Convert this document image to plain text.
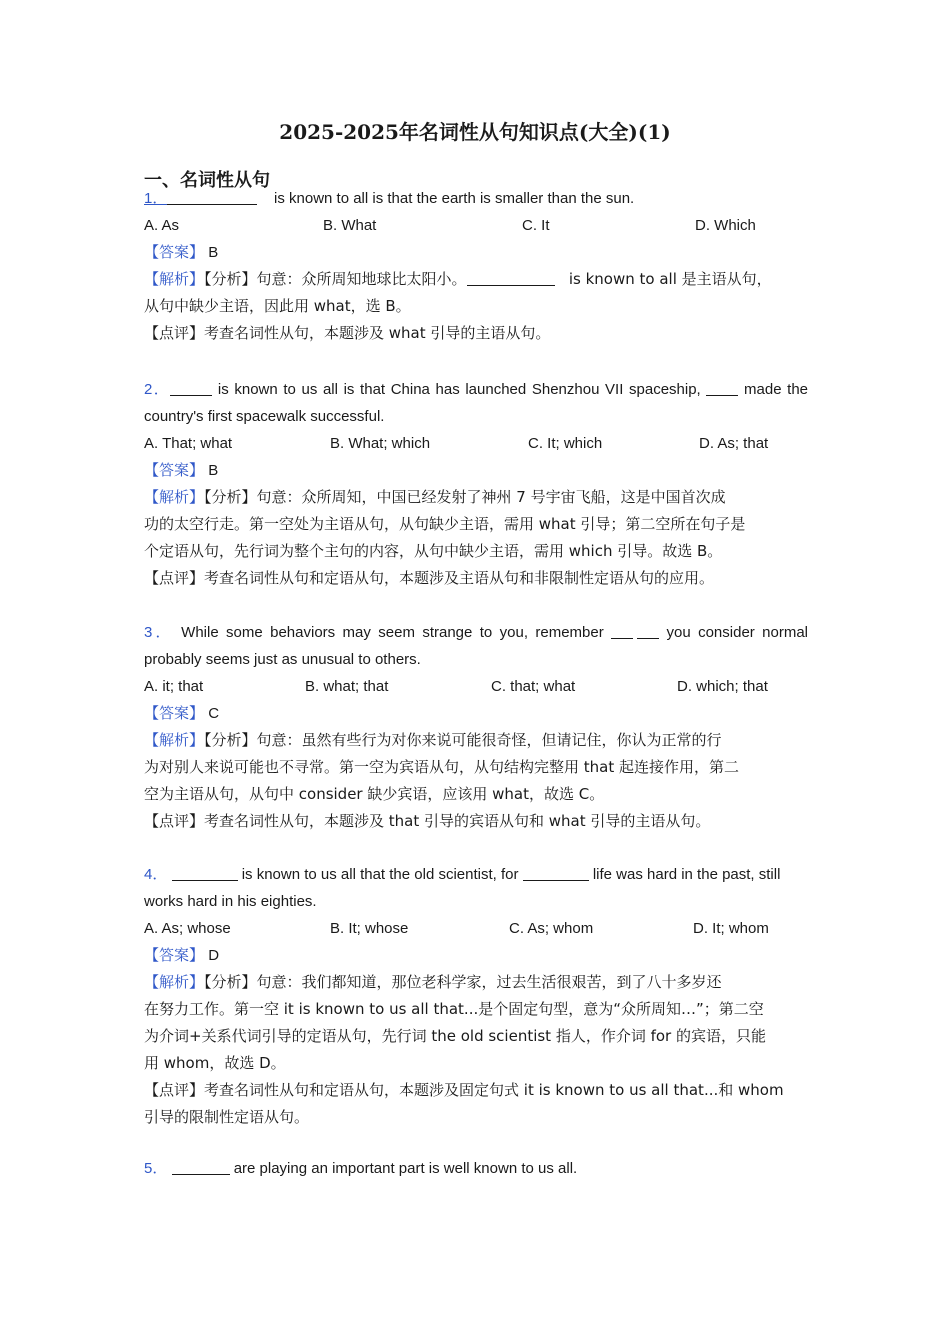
2025-2025年名词性从句知识点(大全)(1)
一、名词性从句
1．	is known to all is that the earth is smaller than the sun.
A. As	B. What	C. It	D. Which
【答案】 B
【解析】【分析】句意：众所周知地球比太阳小。	is known to all 是主语从句，
从句中缺少主语，因此用 what，选 B。
【点评】考查名词性从句，本题涉及 what 引导的主语从句。
2．	is known to us all is that China has launched Shenzhou VII spaceship,	made the
country's first spacewalk successful.
A. That; what	B. What; which	C. It; which	D. As; that
【答案】 B
【解析】【分析】句意：众所周知，中国已经发射了神州 7 号宇宙飞船，这是中国首次成
功的太空行走。第一空处为主语从句，从句缺少主语，需用 what 引导；第二空所在句子是
个定语从句，先行词为整个主句的内容，从句中缺少主语，需用 which 引导。故选 B。
【点评】考查名词性从句和定语从句，本题涉及主语从句和非限制性定语从句的应用。
3． While some behaviors may seem strange to you, remember	you consider normal
probably seems just as unusual to others.
A. it; that	B. what; that	C. that; what	D. which; that
【答案】 C
【解析】【分析】句意：虽然有些行为对你来说可能很奇怪，但请记住，你认为正常的行
为对别人来说可能也不寻常。第一空为宾语从句，从句结构完整用 that 起连接作用，第二
空为主语从句，从句中 consider 缺少宾语，应该用 what，故选 C。
【点评】考查名词性从句，本题涉及 that 引导的宾语从句和 what 引导的主语从句。
4．	is known to us all that the old scientist, for	life was hard in the past, still
works hard in his eighties.
A. As; whose	B. It; whose	C. As; whom	D. It; whom
【答案】 D
【解析】【分析】句意：我们都知道，那位老科学家，过去生活很艰苦，到了八十多岁还
在努力工作。第一空 it is known to us all that...是个固定句型，意为“众所周知…”；第二空
为介词+关系代词引导的定语从句，先行词 the old scientist 指人，作介词 for 的宾语，只能
用 whom，故选 D。
【点评】考查名词性从句和定语从句，本题涉及固定句式 it is known to us all that...和 whom
引导的限制性定语从句。
5．	are playing an important part is well known to us all.
